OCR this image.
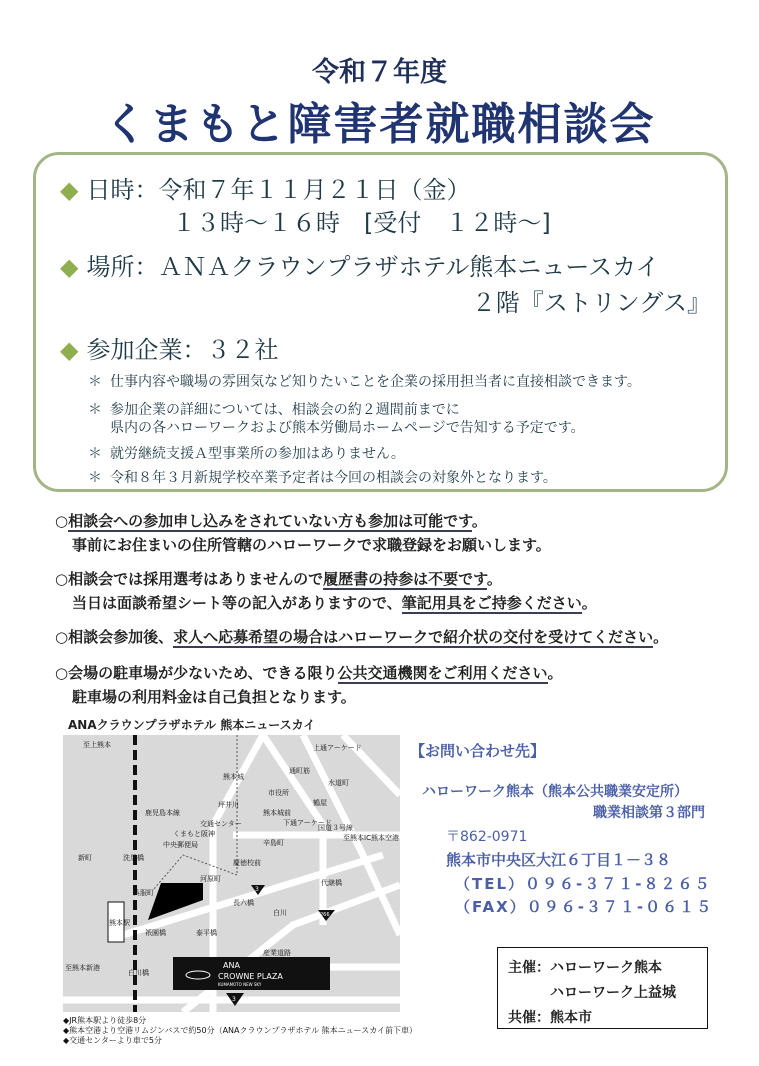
令和７年度
くまもと障害者就職相談会
◆ 日時：令和７年１１月２１日（金）
１３時～１６時　[受付　１２時～]
◆ 場所：ＡＮＡクラウンプラザホテル熊本ニュースカイ
２階『ストリングス』
◆ 参加企業：３２社
＊ 仕事内容や職場の雰囲気など知りたいことを企業の採用担当者に直接相談できます。
＊ 参加企業の詳細については、相談会の約２週間前までに
県内の各ハローワークおよび熊本労働局ホームページで告知する予定です。
＊ 就労継続支援Ａ型事業所の参加はありません。
＊ 令和８年３月新規学校卒業予定者は今回の相談会の対象外となります。
○相談会への参加申し込みをされていない方も参加は可能です。
事前にお住まいの住所管轄のハローワークで求職登録をお願いします。
○相談会では採用選考はありませんので履歴書の持参は不要です。
当日は面談希望シート等の記入がありますので、筆記用具をご持参ください。
○相談会参加後、求人へ応募希望の場合はハローワークで紹介状の交付を受けてください。
○会場の駐車場が少ないため、できる限り公共交通機関をご利用ください。
駐車場の利用料金は自己負担となります。
ANAクラウンプラザホテル 熊本ニュースカイ
至上熊本
鹿児島本線
熊本駅
至熊本新港
至熊本IC熊本空港
熊本城
通町筋
水道町
市役所
鶴屋
坪井川
熊本城前
交通センター
くまもと阪神
中央郵便局	辛島町
新町	洗馬橋
慶徳校前
河原町
呉服町
祇園橋
白川
白川橋
長六橋
泰平橋
代継橋
産業道路
上通アーケード
下通アーケード
国道３号線
3
266
ANA
CROWNE PLAZA
KUMAMOTO NEW SKY
3
◆JR熊本駅より徒歩8分
◆熊本空港より空港リムジンバスで約50分（ANAクラウンプラザホテル 熊本ニュースカイ前下車）
◆交通センターより車で5分
【お問い合わせ先】
ハローワーク熊本（熊本公共職業安定所）
職業相談第３部門
〒862-0971
熊本市中央区大江６丁目１－３８
（TEL）０９６-３７１-８２６５
（FAX）０９６-３７１-０６１５
主催：ハローワーク熊本
ハローワーク上益城
共催：熊本市
